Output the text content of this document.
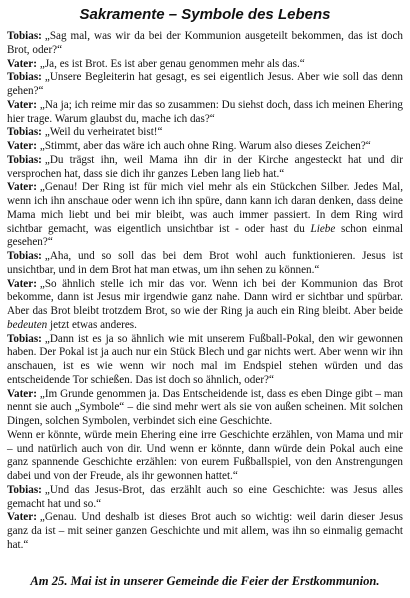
Sakramente – Symbole des Lebens

Tobias: „Sag mal, was wir da bei der Kommunion ausgeteilt bekommen, das ist doch Brot, oder?“

Vater: „Ja, es ist Brot. Es ist aber genau genommen mehr als das.“

Tobias: „Unsere Begleiterin hat gesagt, es sei eigentlich Jesus. Aber wie soll das denn gehen?“

Vater: „Na ja; ich reime mir das so zusammen: Du siehst doch, dass ich meinen Ehering hier trage. Warum glaubst du, mache ich das?“

Tobias: „Weil du verheiratet bist!“

Vater: „Stimmt, aber das wäre ich auch ohne Ring. Warum also dieses Zeichen?“

Tobias: „Du trägst ihn, weil Mama ihn dir in der Kirche angesteckt hat und dir versprochen hat, dass sie dich ihr ganzes Leben lang lieb hat.“

Vater: „Genau! Der Ring ist für mich viel mehr als ein Stückchen Silber. Jedes Mal, wenn ich ihn anschaue oder wenn ich ihn spüre, dann kann ich daran denken, dass deine Mama mich liebt und bei mir bleibt, was auch immer passiert. In dem Ring wird sichtbar gemacht, was eigentlich unsichtbar ist - oder hast du Liebe schon einmal gesehen?“

Tobias: „Aha, und so soll das bei dem Brot wohl auch funktionieren. Jesus ist unsichtbar, und in dem Brot hat man etwas, um ihn sehen zu können.“

Vater: „So ähnlich stelle ich mir das vor. Wenn ich bei der Kommunion das Brot bekomme, dann ist Jesus mir irgendwie ganz nahe. Dann wird er sichtbar und spürbar. Aber das Brot bleibt trotzdem Brot, so wie der Ring ja auch ein Ring bleibt. Aber beide bedeuten jetzt etwas anderes.

Tobias: „Dann ist es ja so ähnlich wie mit unserem Fußball-Pokal, den wir gewonnen haben. Der Pokal ist ja auch nur ein Stück Blech und gar nichts wert. Aber wenn wir ihn anschauen, ist es wie wenn wir noch mal im Endspiel stehen würden und das entscheidende Tor schießen. Das ist doch so ähnlich, oder?“

Vater: „Im Grunde genommen ja. Das Entscheidende ist, dass es eben Dinge gibt – man nennt sie auch „Symbole“ – die sind mehr wert als sie von außen scheinen. Mit solchen Dingen, solchen Symbolen, verbindet sich eine Geschichte.

Wenn er könnte, würde mein Ehering eine irre Geschichte erzählen, von Mama und mir – und natürlich auch von dir. Und wenn er könnte, dann würde dein Pokal auch eine ganz spannende Geschichte erzählen: von eurem Fußballspiel, von den Anstrengungen dabei und von der Freude, als ihr gewonnen hattet.“

Tobias: „Und das Jesus-Brot, das erzählt auch so eine Geschichte: was Jesus alles gemacht hat und so.“

Vater: „Genau. Und deshalb ist dieses Brot auch so wichtig: weil darin dieser Jesus ganz da ist – mit seiner ganzen Geschichte und mit allem, was ihn so einmalig gemacht hat.“

Am 25. Mai ist in unserer Gemeinde die Feier der Erstkommunion.
